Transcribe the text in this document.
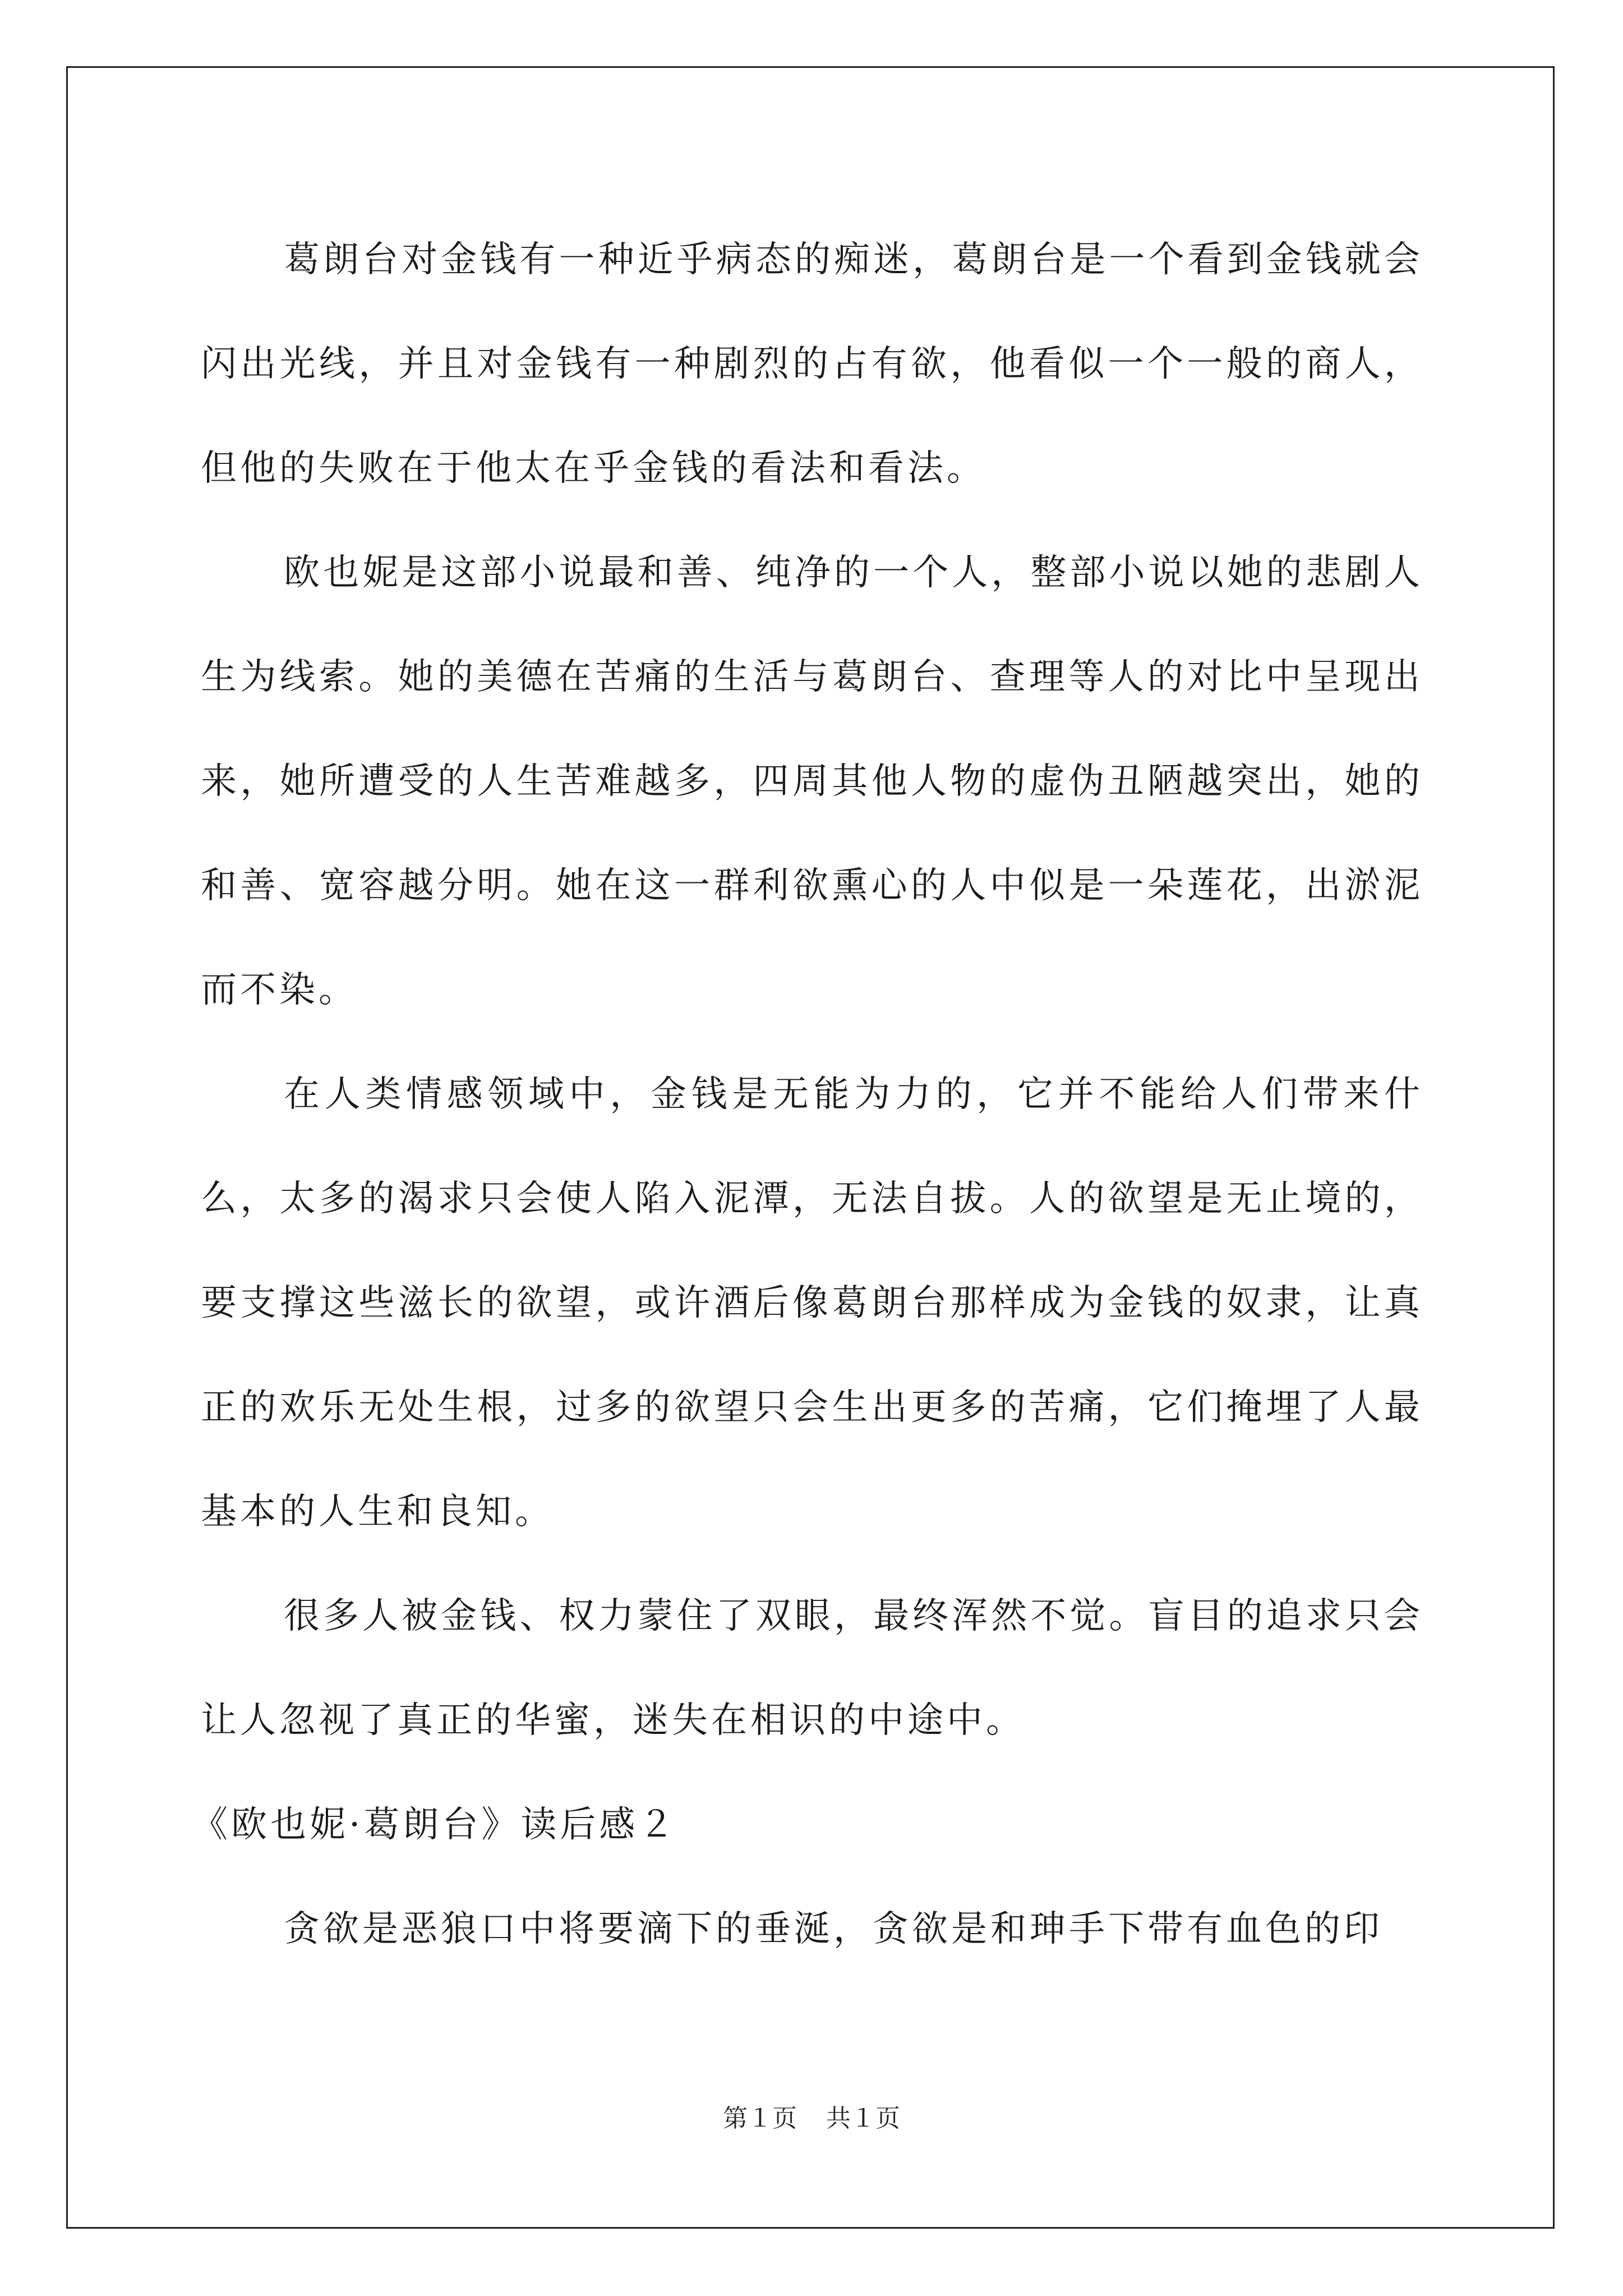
葛朗台对金钱有一种近乎病态的痴迷，葛朗台是一个看到金钱就会闪出光线，并且对金钱有一种剧烈的占有欲，他看似一个一般的商人，但他的失败在于他太在乎金钱的看法和看法。

欧也妮是这部小说最和善、纯净的一个人，整部小说以她的悲剧人生为线索。她的美德在苦痛的生活与葛朗台、查理等人的对比中呈现出来，她所遭受的人生苦难越多，四周其他人物的虚伪丑陋越突出，她的和善、宽容越分明。她在这一群利欲熏心的人中似是一朵莲花，出淤泥而不染。

在人类情感领域中，金钱是无能为力的，它并不能给人们带来什么，太多的渴求只会使人陷入泥潭，无法自拔。人的欲望是无止境的，要支撑这些滋长的欲望，或许酒后像葛朗台那样成为金钱的奴隶，让真正的欢乐无处生根，过多的欲望只会生出更多的苦痛，它们掩埋了人最基本的人生和良知。

很多人被金钱、权力蒙住了双眼，最终浑然不觉。盲目的追求只会让人忽视了真正的华蜜，迷失在相识的中途中。

《欧也妮·葛朗台》读后感２

贪欲是恶狼口中将要滴下的垂涎，贪欲是和珅手下带有血色的印

第１页 共１页
